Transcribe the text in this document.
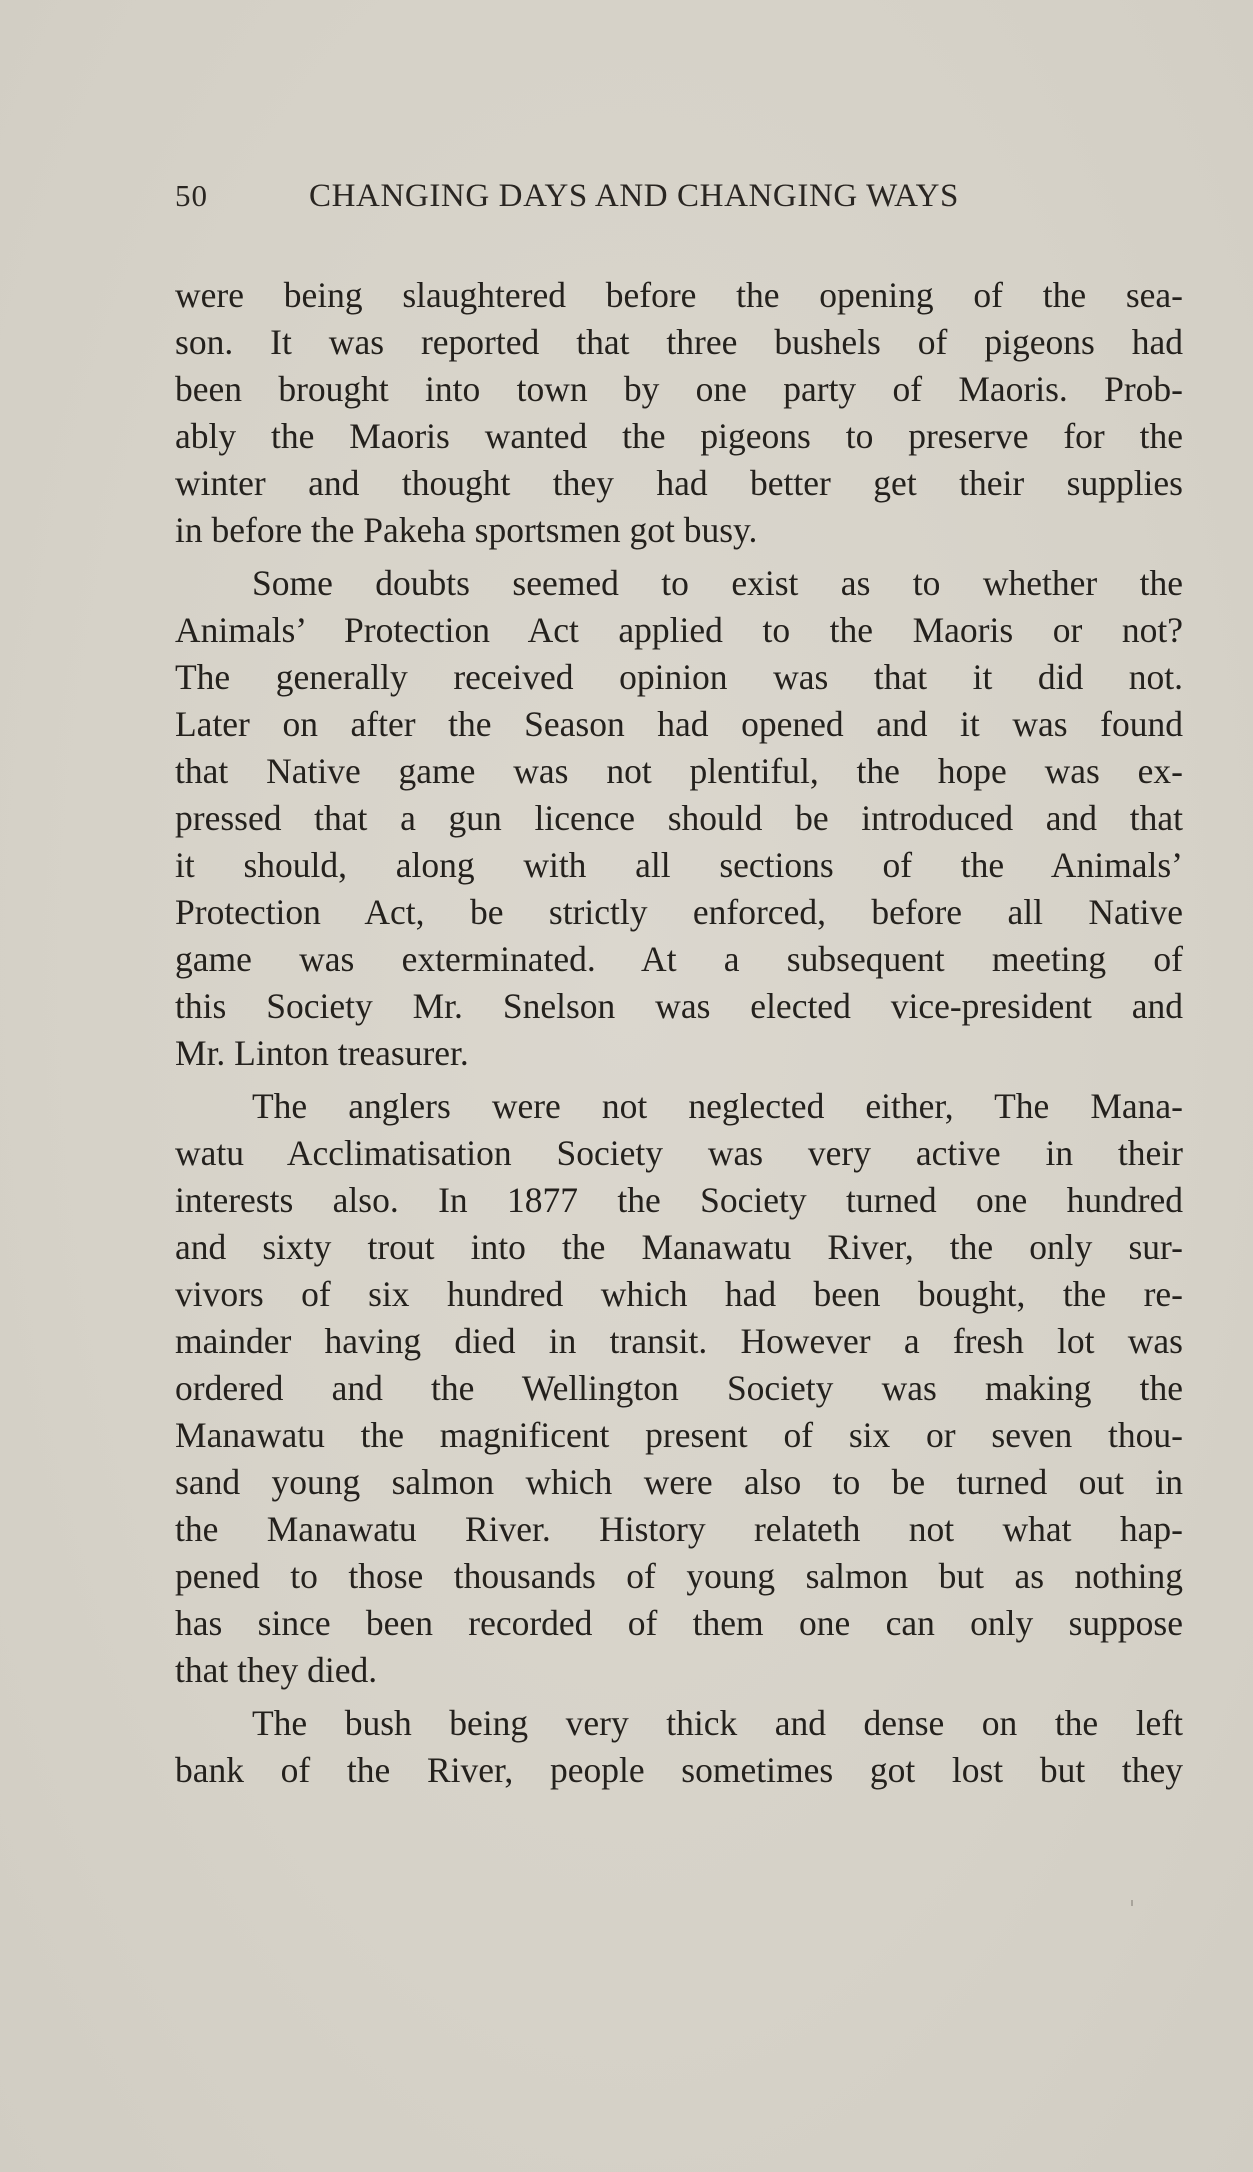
50	CHANGING DAYS AND CHANGING WAYS
were being slaughtered before the opening of the sea-
son. It was reported that three bushels of pigeons had
been brought into town by one party of Maoris. Prob-
ably the Maoris wanted the pigeons to preserve for the
winter and thought they had better get their supplies
in before the Pakeha sportsmen got busy.
Some doubts seemed to exist as to whether the
Animals’ Protection Act applied to the Maoris or not?
The generally received opinion was that it did not.
Later on after the Season had opened and it was found
that Native game was not plentiful, the hope was ex-
pressed that a gun licence should be introduced and that
it should, along with all sections of the Animals’
Protection Act, be strictly enforced, before all Native
game was exterminated. At a subsequent meeting of
this Society Mr. Snelson was elected vice-president and
Mr. Linton treasurer.
The anglers were not neglected either, The Mana-
watu Acclimatisation Society was very active in their
interests also. In 1877 the Society turned one hundred
and sixty trout into the Manawatu River, the only sur-
vivors of six hundred which had been bought, the re-
mainder having died in transit. However a fresh lot was
ordered and the Wellington Society was making the
Manawatu the magnificent present of six or seven thou-
sand young salmon which were also to be turned out in
the Manawatu River. History relateth not what hap-
pened to those thousands of young salmon but as nothing
has since been recorded of them one can only suppose
that they died.
The bush being very thick and dense on the left
bank of the River, people sometimes got lost but they
